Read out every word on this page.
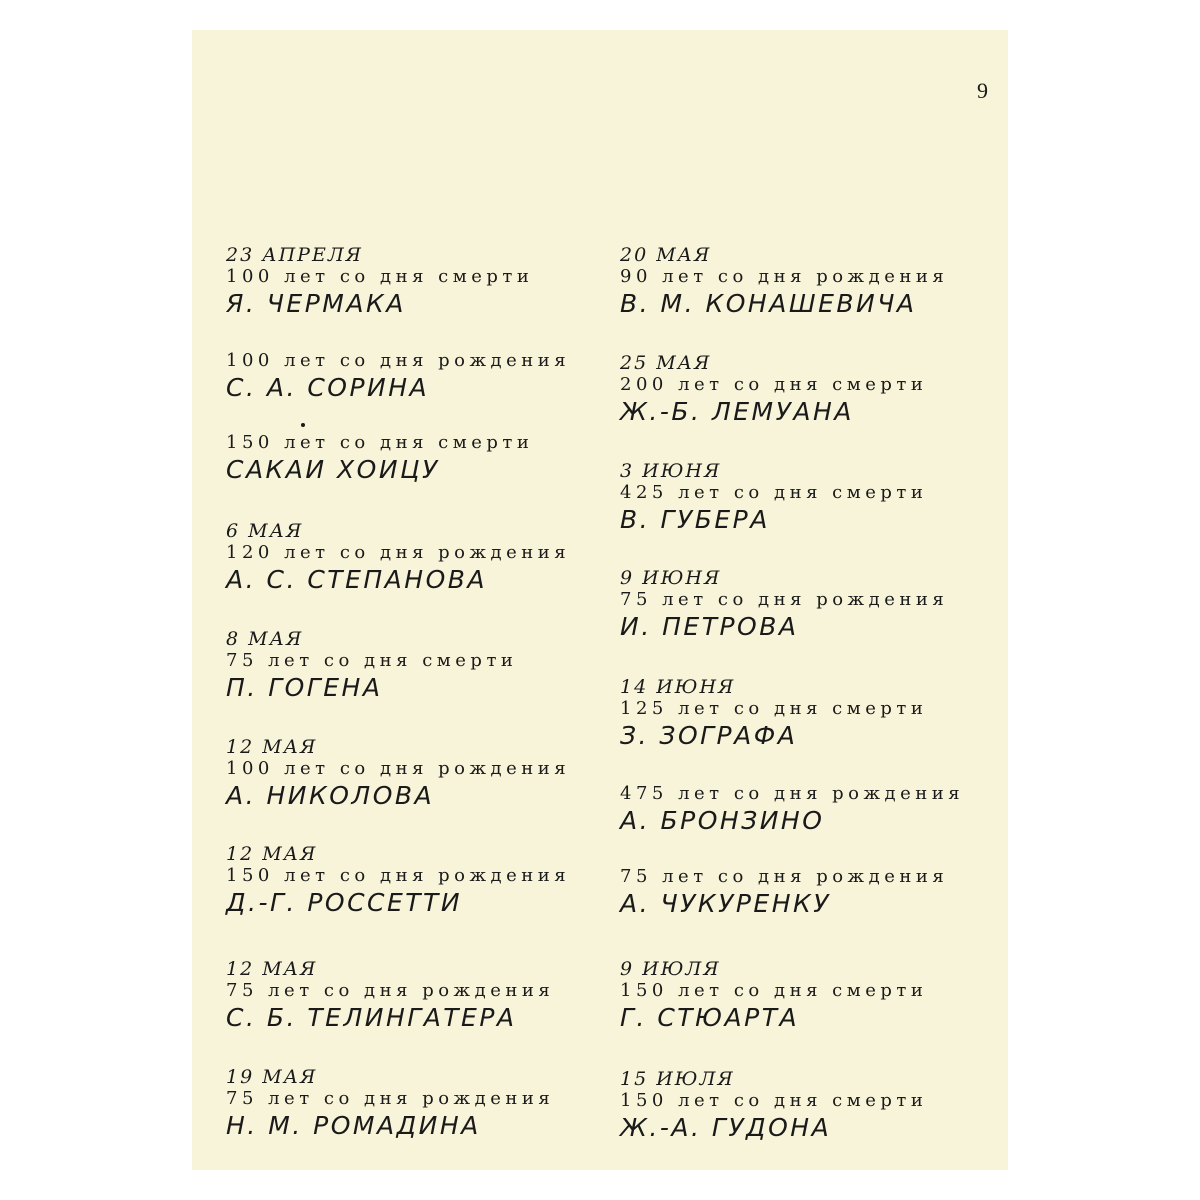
9
23 АПРЕЛЯ
100 лет со дня смерти
Я. ЧЕРМАКА
100 лет со дня рождения
С. А. СОРИНА
150 лет со дня смерти
САКАИ ХОИЦУ
6 МАЯ
120 лет со дня рождения
А. С. СТЕПАНОВА
8 МАЯ
75 лет со дня смерти
П. ГОГЕНА
12 МАЯ
100 лет со дня рождения
А. НИКОЛОВА
12 МАЯ
150 лет со дня рождения
Д.-Г. РОССЕТТИ
12 МАЯ
75 лет со дня рождения
С. Б. ТЕЛИНГАТЕРА
19 МАЯ
75 лет со дня рождения
Н. М. РОМАДИНА
20 МАЯ
90 лет со дня рождения
В. М. КОНАШЕВИЧА
25 МАЯ
200 лет со дня смерти
Ж.-Б. ЛЕМУАНА
3 ИЮНЯ
425 лет со дня смерти
В. ГУБЕРА
9 ИЮНЯ
75 лет со дня рождения
И. ПЕТРОВА
14 ИЮНЯ
125 лет со дня смерти
З. ЗОГРАФА
475 лет со дня рождения
А. БРОНЗИНО
75 лет со дня рождения
А. ЧУКУРЕНКУ
9 ИЮЛЯ
150 лет со дня смерти
Г. СТЮАРТА
15 ИЮЛЯ
150 лет со дня смерти
Ж.-А. ГУДОНА
